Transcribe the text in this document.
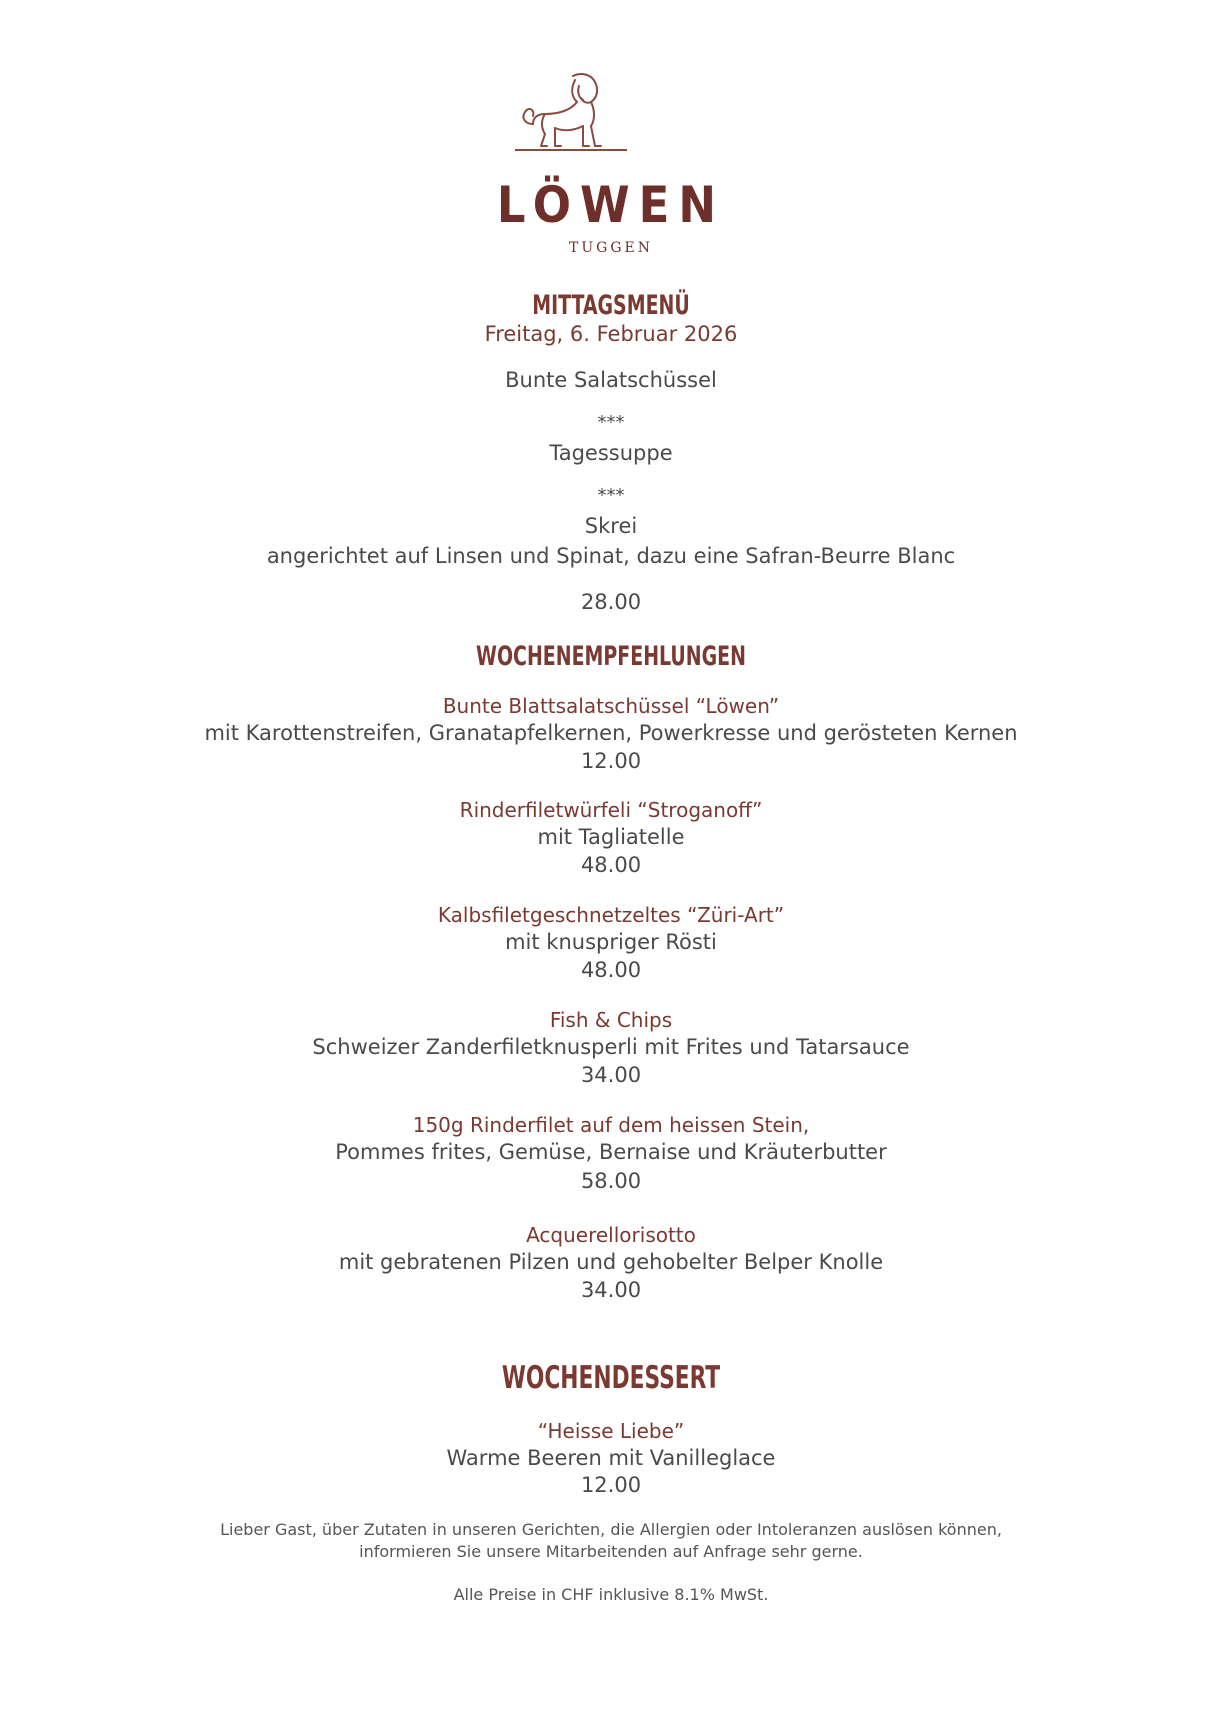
LÖWEN
TUGGEN
MITTAGSMENÜ
Freitag, 6. Februar 2026
Bunte Salatschüssel
***
Tagessuppe
***
Skrei
angerichtet auf Linsen und Spinat, dazu eine Safran-Beurre Blanc
28.00
WOCHENEMPFEHLUNGEN
Bunte Blattsalatschüssel “Löwen”
mit Karottenstreifen, Granatapfelkernen, Powerkresse und gerösteten Kernen
12.00
Rinderfiletwürfeli “Stroganoff”
mit Tagliatelle
48.00
Kalbsfiletgeschnetzeltes “Züri-Art”
mit knuspriger Rösti
48.00
Fish & Chips
Schweizer Zanderfiletknusperli mit Frites und Tatarsauce
34.00
150g Rinderfilet auf dem heissen Stein,
Pommes frites, Gemüse, Bernaise und Kräuterbutter
58.00
Acquerellorisotto
mit gebratenen Pilzen und gehobelter Belper Knolle
34.00
WOCHENDESSERT
“Heisse Liebe”
Warme Beeren mit Vanilleglace
12.00
Lieber Gast, über Zutaten in unseren Gerichten, die Allergien oder Intoleranzen auslösen können,
informieren Sie unsere Mitarbeitenden auf Anfrage sehr gerne.
Alle Preise in CHF inklusive 8.1% MwSt.
